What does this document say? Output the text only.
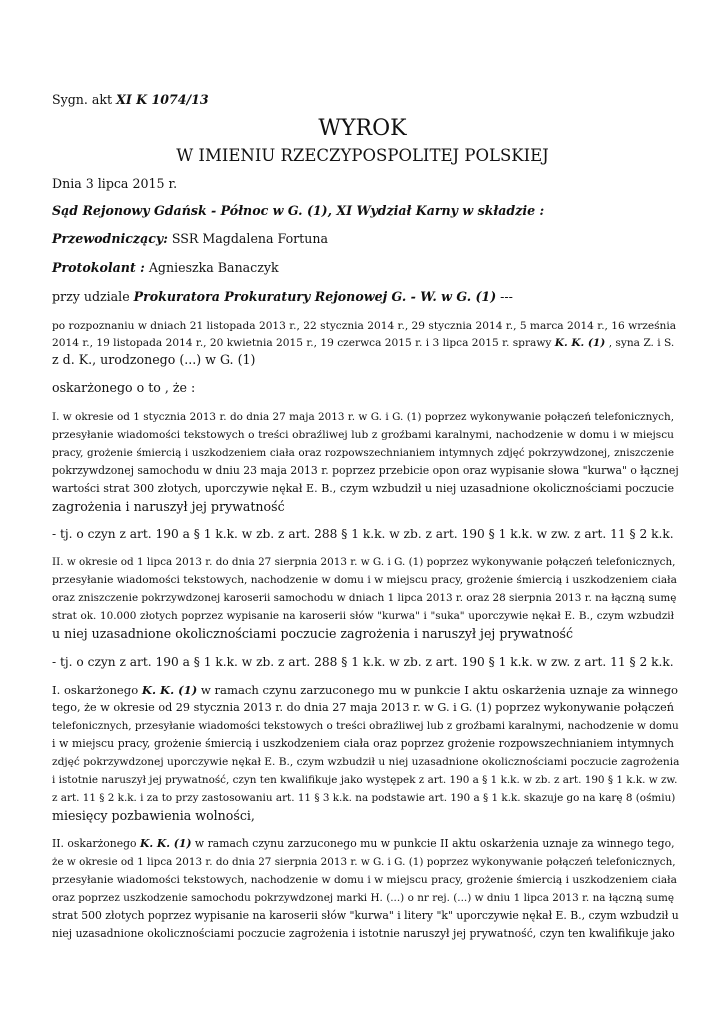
Sygn. akt XI K 1074/13
WYROK
W IMIENIU RZECZYPOSPOLITEJ POLSKIEJ
Dnia 3 lipca 2015 r.
Sąd Rejonowy Gdańsk - Północ w G. (1), XI Wydział Karny w składzie :
Przewodniczący: SSR Magdalena Fortuna
Protokolant : Agnieszka Banaczyk
przy udziale Prokuratora Prokuratury Rejonowej G. - W. w G. (1) ---
po rozpoznaniu w dniach 21 listopada 2013 r., 22 stycznia 2014 r., 29 stycznia 2014 r., 5 marca 2014 r., 16 września
2014 r., 19 listopada 2014 r., 20 kwietnia 2015 r., 19 czerwca 2015 r. i 3 lipca 2015 r. sprawy K. K. (1) , syna Z. i S.
z d. K., urodzonego (...) w G. (1)
oskarżonego o to , że :
I. w okresie od 1 stycznia 2013 r. do dnia 27 maja 2013 r. w G. i G. (1) poprzez wykonywanie połączeń telefonicznych,
przesyłanie wiadomości tekstowych o treści obraźliwej lub z groźbami karalnymi, nachodzenie w domu i w miejscu
pracy, grożenie śmiercią i uszkodzeniem ciała oraz rozpowszechnianiem intymnych zdjęć pokrzywdzonej, zniszczenie
pokrzywdzonej samochodu w dniu 23 maja 2013 r. poprzez przebicie opon oraz wypisanie słowa "kurwa" o łącznej
wartości strat 300 złotych, uporczywie nękał E. B., czym wzbudził u niej uzasadnione okolicznościami poczucie
zagrożenia i naruszył jej prywatność
- tj. o czyn z art. 190 a § 1 k.k. w zb. z art. 288 § 1 k.k. w zb. z art. 190 § 1 k.k. w zw. z art. 11 § 2 k.k.
II. w okresie od 1 lipca 2013 r. do dnia 27 sierpnia 2013 r. w G. i G. (1) poprzez wykonywanie połączeń telefonicznych,
przesyłanie wiadomości tekstowych, nachodzenie w domu i w miejscu pracy, grożenie śmiercią i uszkodzeniem ciała
oraz zniszczenie pokrzywdzonej karoserii samochodu w dniach 1 lipca 2013 r. oraz 28 sierpnia 2013 r. na łączną sumę
strat ok. 10.000 złotych poprzez wypisanie na karoserii słów "kurwa" i "suka" uporczywie nękał E. B., czym wzbudził
u niej uzasadnione okolicznościami poczucie zagrożenia i naruszył jej prywatność
- tj. o czyn z art. 190 a § 1 k.k. w zb. z art. 288 § 1 k.k. w zb. z art. 190 § 1 k.k. w zw. z art. 11 § 2 k.k.
I. oskarżonego K. K. (1) w ramach czynu zarzuconego mu w punkcie I aktu oskarżenia uznaje za winnego
tego, że w okresie od 29 stycznia 2013 r. do dnia 27 maja 2013 r. w G. i G. (1) poprzez wykonywanie połączeń
telefonicznych, przesyłanie wiadomości tekstowych o treści obraźliwej lub z groźbami karalnymi, nachodzenie w domu
i w miejscu pracy, grożenie śmiercią i uszkodzeniem ciała oraz poprzez grożenie rozpowszechnianiem intymnych
zdjęć pokrzywdzonej uporczywie nękał E. B., czym wzbudził u niej uzasadnione okolicznościami poczucie zagrożenia
i istotnie naruszył jej prywatność, czyn ten kwalifikuje jako występek z art. 190 a § 1 k.k. w zb. z art. 190 § 1 k.k. w zw.
z art. 11 § 2 k.k. i za to przy zastosowaniu art. 11 § 3 k.k. na podstawie art. 190 a § 1 k.k. skazuje go na karę 8 (ośmiu)
miesięcy pozbawienia wolności,
II. oskarżonego K. K. (1) w ramach czynu zarzuconego mu w punkcie II aktu oskarżenia uznaje za winnego tego,
że w okresie od 1 lipca 2013 r. do dnia 27 sierpnia 2013 r. w G. i G. (1) poprzez wykonywanie połączeń telefonicznych,
przesyłanie wiadomości tekstowych, nachodzenie w domu i w miejscu pracy, grożenie śmiercią i uszkodzeniem ciała
oraz poprzez uszkodzenie samochodu pokrzywdzonej marki H. (...) o nr rej. (...) w dniu 1 lipca 2013 r. na łączną sumę
strat 500 złotych poprzez wypisanie na karoserii słów "kurwa" i litery "k" uporczywie nękał E. B., czym wzbudził u
niej uzasadnione okolicznościami poczucie zagrożenia i istotnie naruszył jej prywatność, czyn ten kwalifikuje jako
